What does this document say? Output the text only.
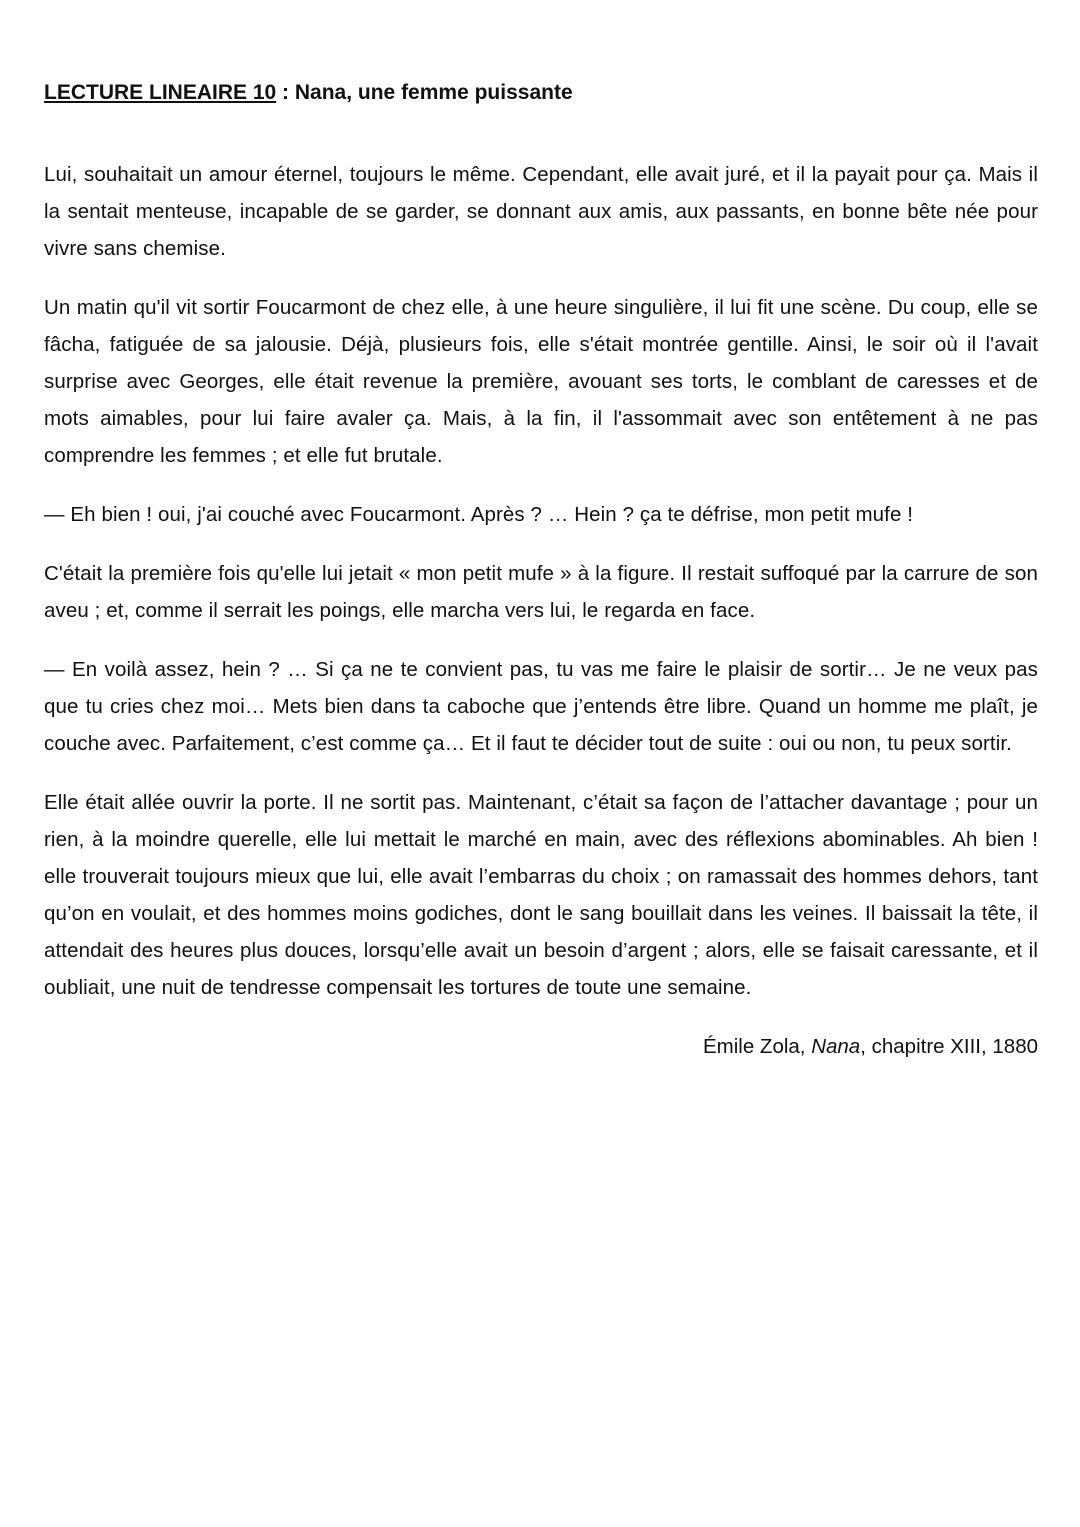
LECTURE LINEAIRE 10 : Nana, une femme puissante

Lui, souhaitait un amour éternel, toujours le même. Cependant, elle avait juré, et il la payait pour ça. Mais il la sentait menteuse, incapable de se garder, se donnant aux amis, aux passants, en bonne bête née pour vivre sans chemise.

Un matin qu'il vit sortir Foucarmont de chez elle, à une heure singulière, il lui fit une scène. Du coup, elle se fâcha, fatiguée de sa jalousie. Déjà, plusieurs fois, elle s'était montrée gentille. Ainsi, le soir où il l'avait surprise avec Georges, elle était revenue la première, avouant ses torts, le comblant de caresses et de mots aimables, pour lui faire avaler ça. Mais, à la fin, il l'assommait avec son entêtement à ne pas comprendre les femmes ; et elle fut brutale.

— Eh bien ! oui, j'ai couché avec Foucarmont. Après ? … Hein ? ça te défrise, mon petit mufe !

C'était la première fois qu'elle lui jetait « mon petit mufe » à la figure. Il restait suffoqué par la carrure de son aveu ; et, comme il serrait les poings, elle marcha vers lui, le regarda en face.

— En voilà assez, hein ? … Si ça ne te convient pas, tu vas me faire le plaisir de sortir… Je ne veux pas que tu cries chez moi… Mets bien dans ta caboche que j’entends être libre. Quand un homme me plaît, je couche avec. Parfaitement, c’est comme ça… Et il faut te décider tout de suite : oui ou non, tu peux sortir.

Elle était allée ouvrir la porte. Il ne sortit pas. Maintenant, c’était sa façon de l’attacher davantage ; pour un rien, à la moindre querelle, elle lui mettait le marché en main, avec des réflexions abominables. Ah bien ! elle trouverait toujours mieux que lui, elle avait l’embarras du choix ; on ramassait des hommes dehors, tant qu’on en voulait, et des hommes moins godiches, dont le sang bouillait dans les veines. Il baissait la tête, il attendait des heures plus douces, lorsqu’elle avait un besoin d’argent ; alors, elle se faisait caressante, et il oubliait, une nuit de tendresse compensait les tortures de toute une semaine.

Émile Zola, Nana, chapitre XIII, 1880
